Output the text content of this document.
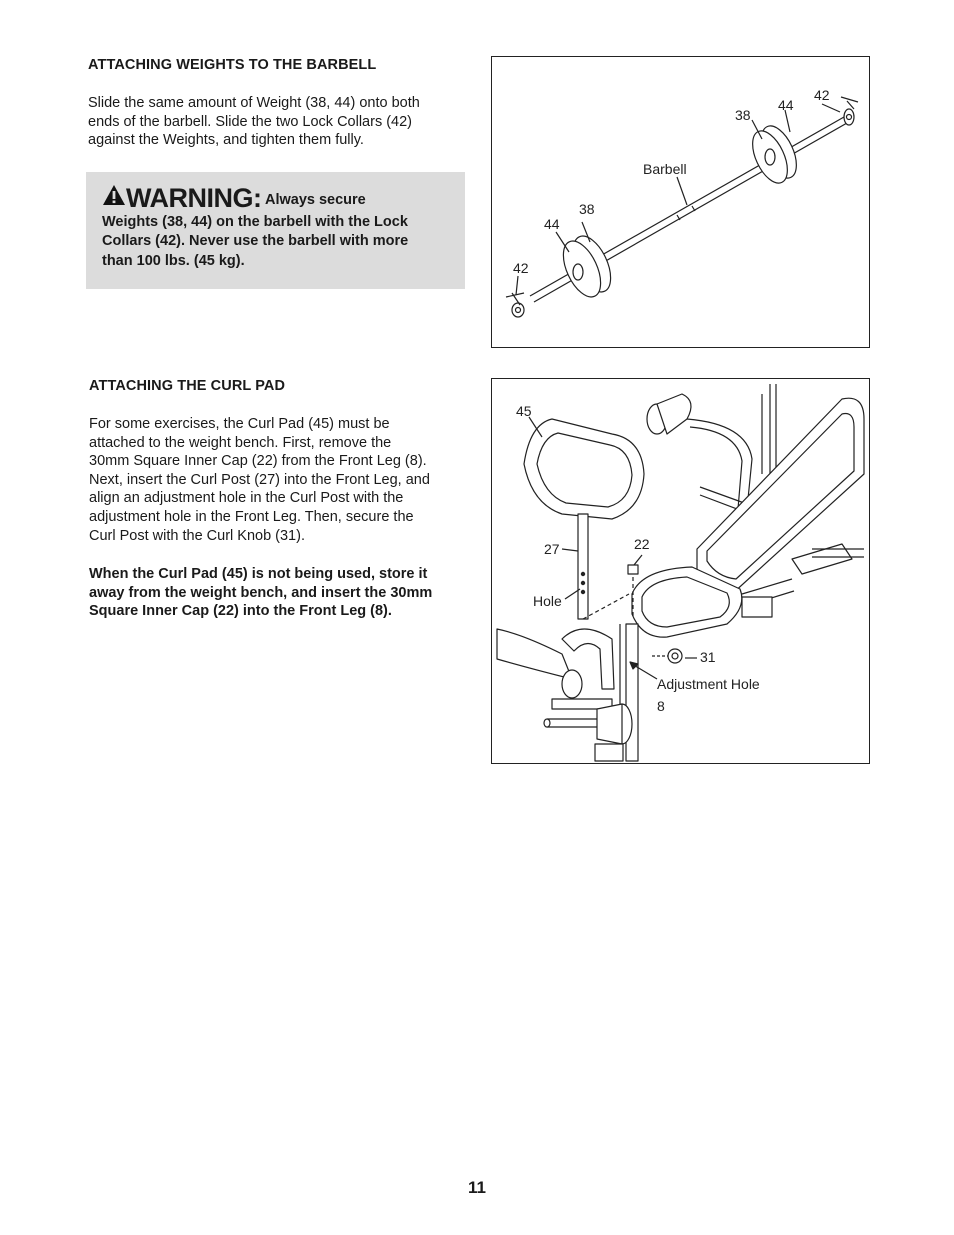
ATTACHING WEIGHTS TO THE BARBELL
Slide the same amount of Weight (38, 44) onto both
ends of the barbell. Slide the two Lock Collars (42)
against the Weights, and tighten them fully.
WARNING: Always secure
Weights (38, 44) on the barbell with the Lock
Collars (42). Never use the barbell with more
than 100 lbs. (45 kg).
42
44
38
Barbell
38
44
42
ATTACHING THE CURL PAD
For some exercises, the Curl Pad (45) must be
attached to the weight bench. First, remove the
30mm Square Inner Cap (22) from the Front Leg (8).
Next, insert the Curl Post (27) into the Front Leg, and
align an adjustment hole in the Curl Post with the
adjustment hole in the Front Leg. Then, secure the
Curl Post with the Curl Knob (31).
When the Curl Pad (45) is not being used, store it
away from the weight bench, and insert the 30mm
Square Inner Cap (22) into the Front Leg (8).
45
27	22
Hole
31
Adjustment Hole
8
11
